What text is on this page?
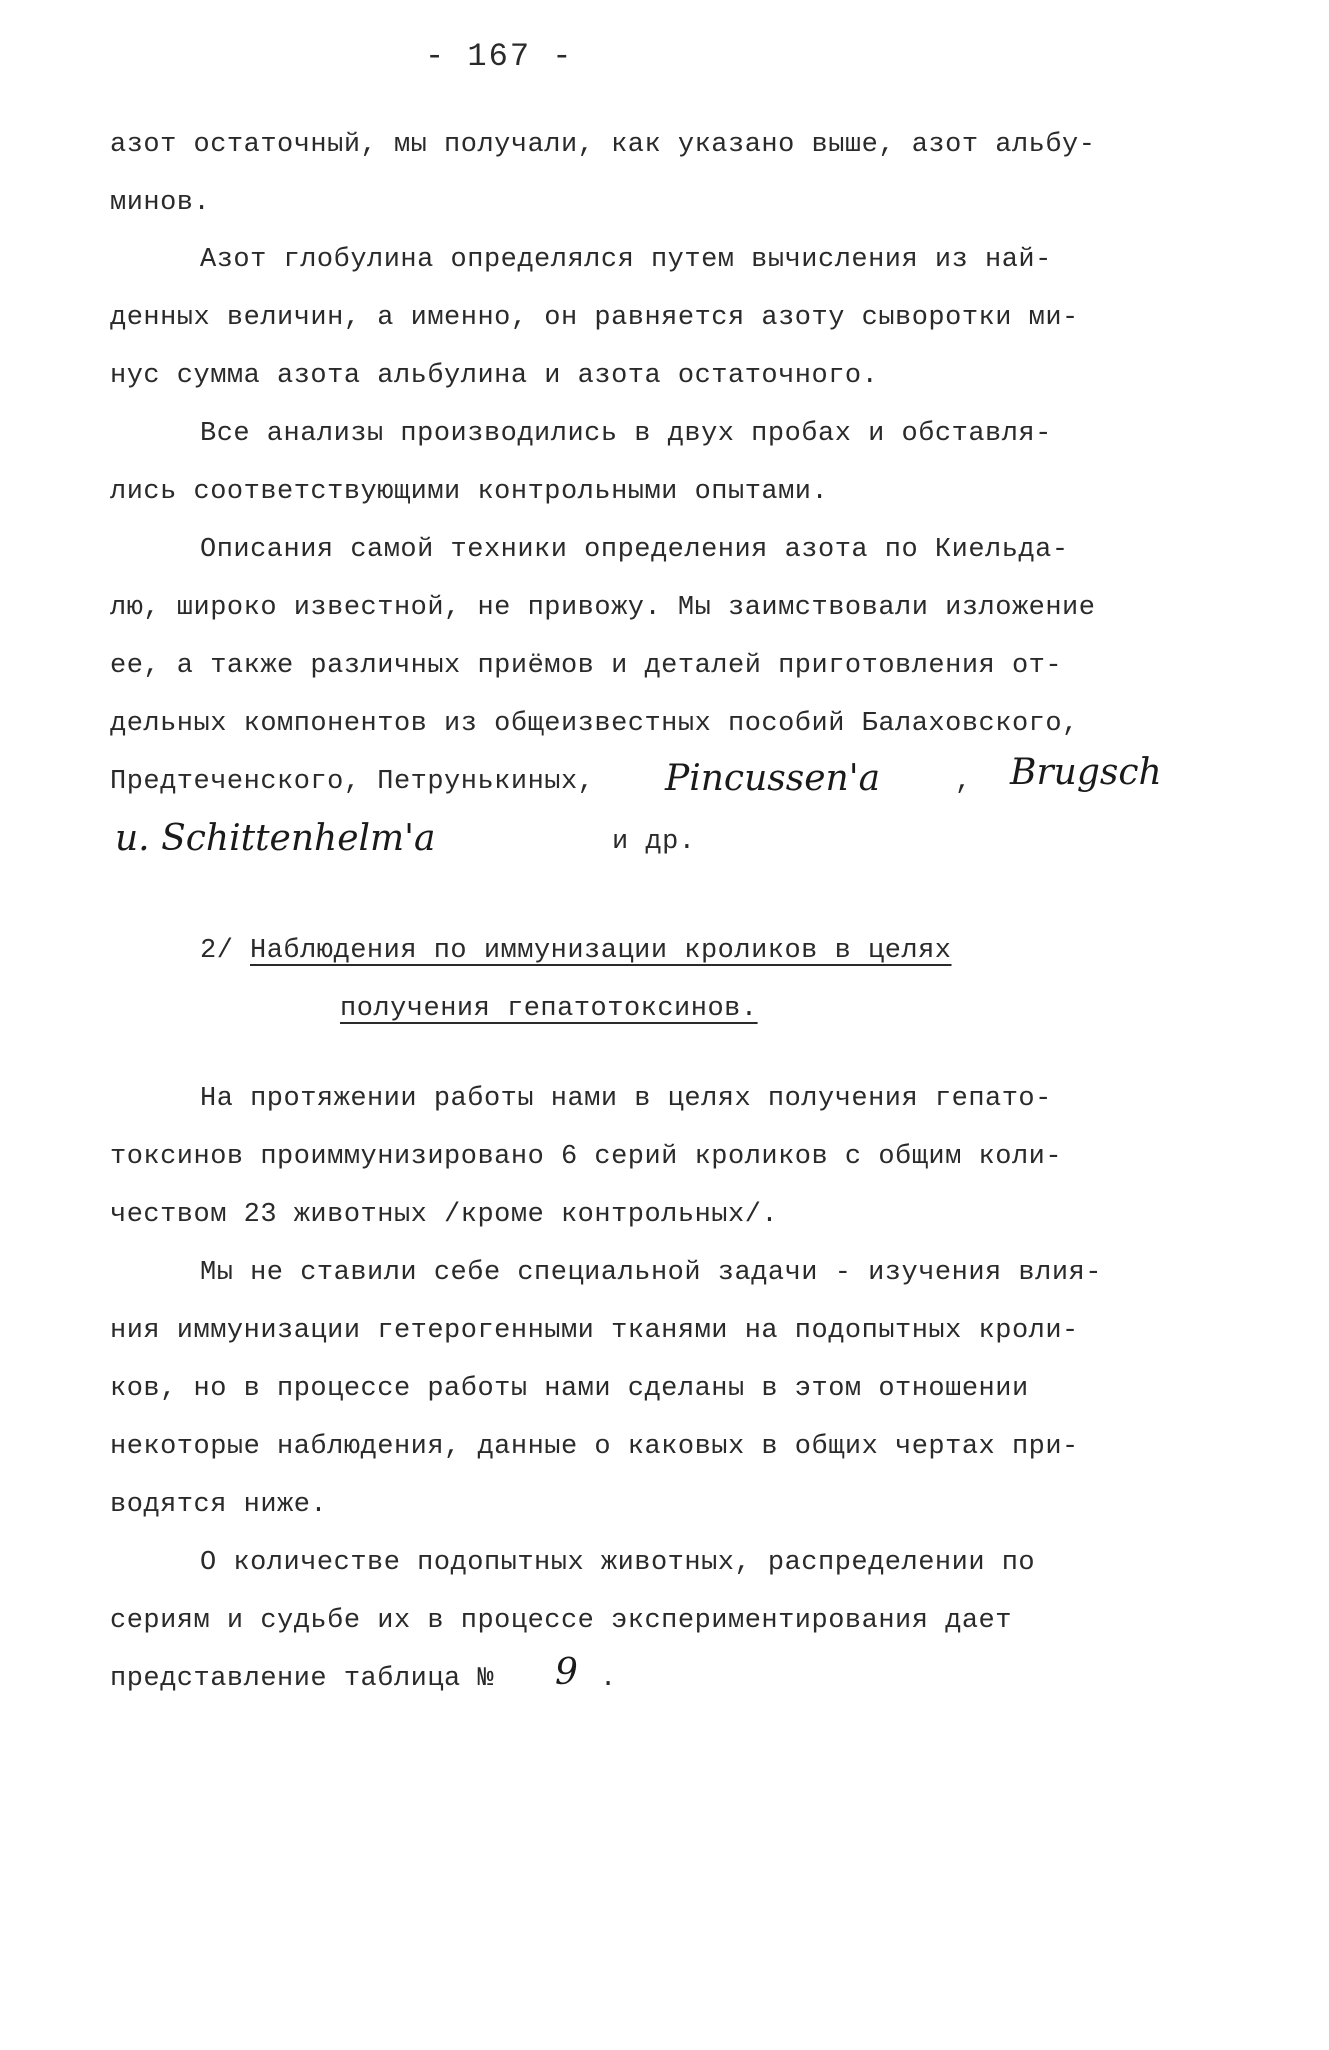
- 167 -
азот остаточный, мы получали, как указано выше, азот альбу-
минов.
Азот глобулина определялся путем вычисления из най-
денных величин, а именно, он равняется азоту сыворотки ми-
нус сумма азота альбулина и азота остаточного.
Все анализы производились в двух пробах и обставля-
лись соответствующими контрольными опытами.
Описания самой техники определения азота по Киельда-
лю, широко известной, не привожу. Мы заимствовали изложение
ее, а также различных приёмов и деталей приготовления от-
дельных компонентов из общеизвестных пособий Балаховского,
Предтеченского, Петрунькиных, Pincussen'a	, Brugsch
u. Schittenhelm'a	и др.
2/ Наблюдения по иммунизации кроликов в целях
получения гепатотоксинов.
На протяжении работы нами в целях получения гепато-
токсинов проиммунизировано 6 серий кроликов с общим коли-
чеством 23 животных /кроме контрольных/.
Мы не ставили себе специальной задачи - изучения влия-
ния иммунизации гетерогенными тканями на подопытных кроли-
ков, но в процессе работы нами сделаны в этом отношении
некоторые наблюдения, данные о каковых в общих чертах при-
водятся ниже.
О количестве подопытных животных, распределении по
сериям и судьбе их в процессе экспериментирования дает
представление таблица № 9 .
